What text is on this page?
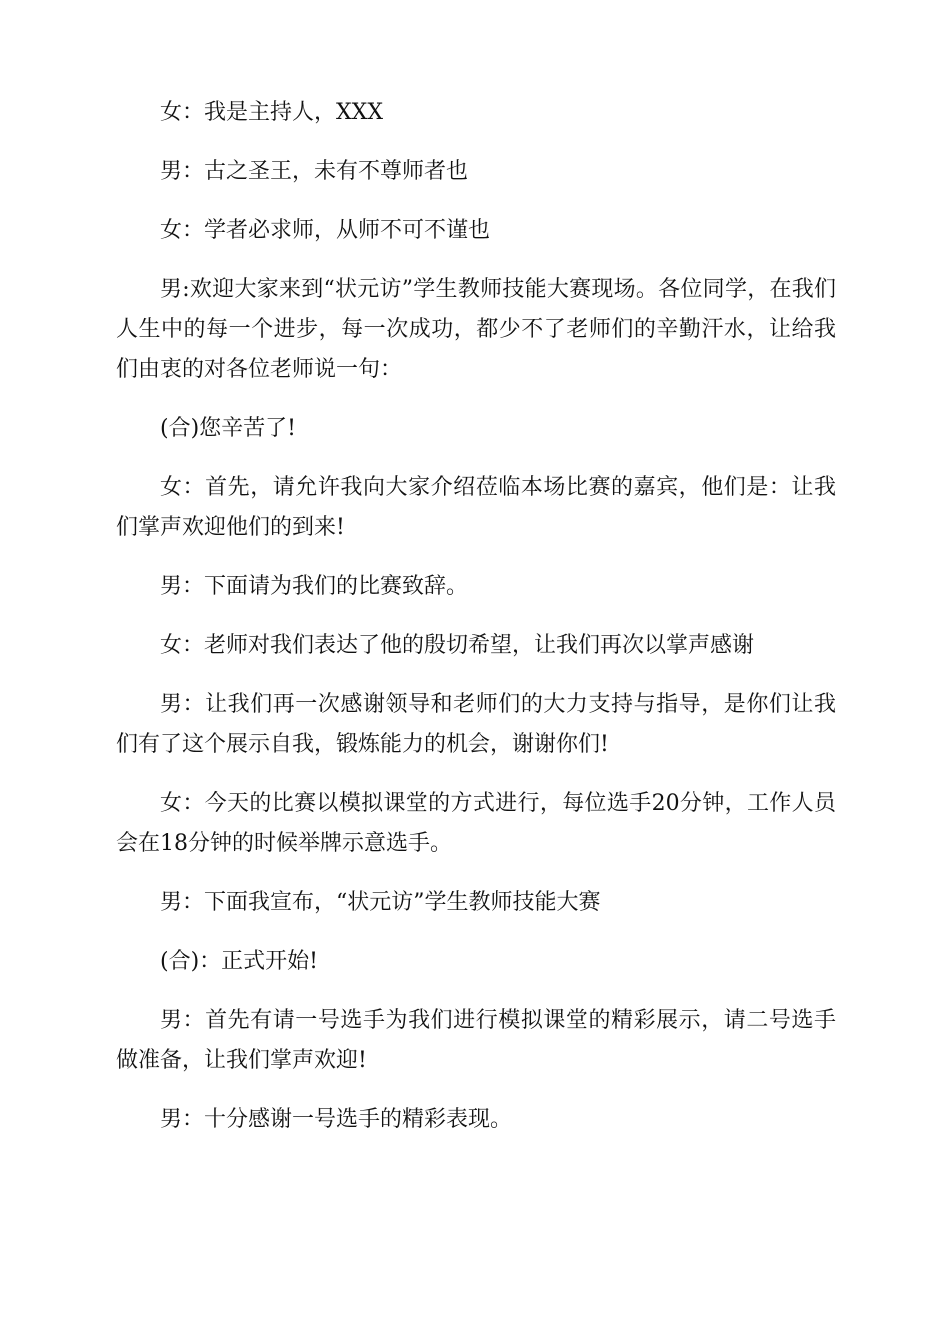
女：我是主持人，XXX

男：古之圣王，未有不尊师者也

女：学者必求师，从师不可不谨也

男:欢迎大家来到“状元访”学生教师技能大赛现场。各位同学，在我们人生中的每一个进步，每一次成功，都少不了老师们的辛勤汗水，让给我们由衷的对各位老师说一句：

(合)您辛苦了!

女：首先，请允许我向大家介绍莅临本场比赛的嘉宾，他们是：让我们掌声欢迎他们的到来!

男：下面请为我们的比赛致辞。

女：老师对我们表达了他的殷切希望，让我们再次以掌声感谢

男：让我们再一次感谢领导和老师们的大力支持与指导，是你们让我们有了这个展示自我，锻炼能力的机会，谢谢你们!

女：今天的比赛以模拟课堂的方式进行，每位选手20分钟，工作人员会在18分钟的时候举牌示意选手。

男：下面我宣布，“状元访”学生教师技能大赛

(合)：正式开始!

男：首先有请一号选手为我们进行模拟课堂的精彩展示，请二号选手做准备，让我们掌声欢迎!

男：十分感谢一号选手的精彩表现。
